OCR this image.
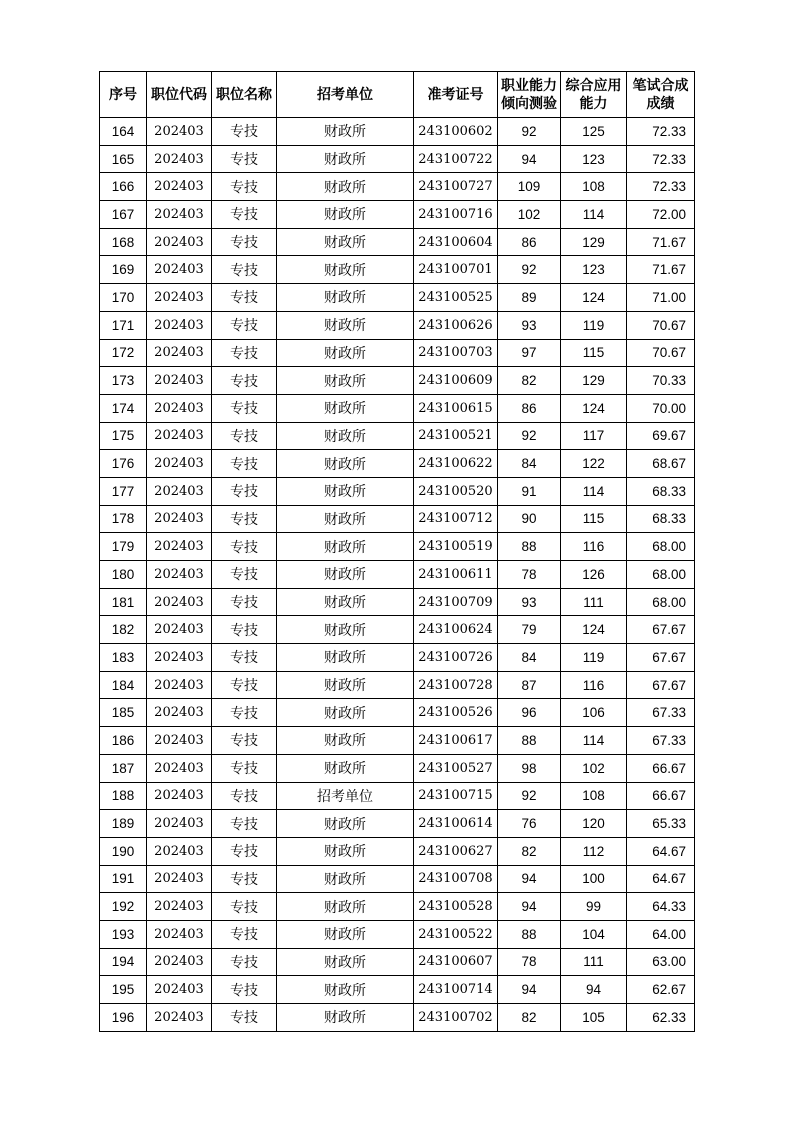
序号	职位代码	职位名称	招考单位	准考证号	职业能力倾向测验	综合应用能力	笔试合成成绩
164	202403	专技	财政所	243100602	92	125	72.33
165	202403	专技	财政所	243100722	94	123	72.33
166	202403	专技	财政所	243100727	109	108	72.33
167	202403	专技	财政所	243100716	102	114	72.00
168	202403	专技	财政所	243100604	86	129	71.67
169	202403	专技	财政所	243100701	92	123	71.67
170	202403	专技	财政所	243100525	89	124	71.00
171	202403	专技	财政所	243100626	93	119	70.67
172	202403	专技	财政所	243100703	97	115	70.67
173	202403	专技	财政所	243100609	82	129	70.33
174	202403	专技	财政所	243100615	86	124	70.00
175	202403	专技	财政所	243100521	92	117	69.67
176	202403	专技	财政所	243100622	84	122	68.67
177	202403	专技	财政所	243100520	91	114	68.33
178	202403	专技	财政所	243100712	90	115	68.33
179	202403	专技	财政所	243100519	88	116	68.00
180	202403	专技	财政所	243100611	78	126	68.00
181	202403	专技	财政所	243100709	93	111	68.00
182	202403	专技	财政所	243100624	79	124	67.67
183	202403	专技	财政所	243100726	84	119	67.67
184	202403	专技	财政所	243100728	87	116	67.67
185	202403	专技	财政所	243100526	96	106	67.33
186	202403	专技	财政所	243100617	88	114	67.33
187	202403	专技	财政所	243100527	98	102	66.67
188	202403	专技	招考单位	243100715	92	108	66.67
189	202403	专技	财政所	243100614	76	120	65.33
190	202403	专技	财政所	243100627	82	112	64.67
191	202403	专技	财政所	243100708	94	100	64.67
192	202403	专技	财政所	243100528	94	99	64.33
193	202403	专技	财政所	243100522	88	104	64.00
194	202403	专技	财政所	243100607	78	111	63.00
195	202403	专技	财政所	243100714	94	94	62.67
196	202403	专技	财政所	243100702	82	105	62.33
